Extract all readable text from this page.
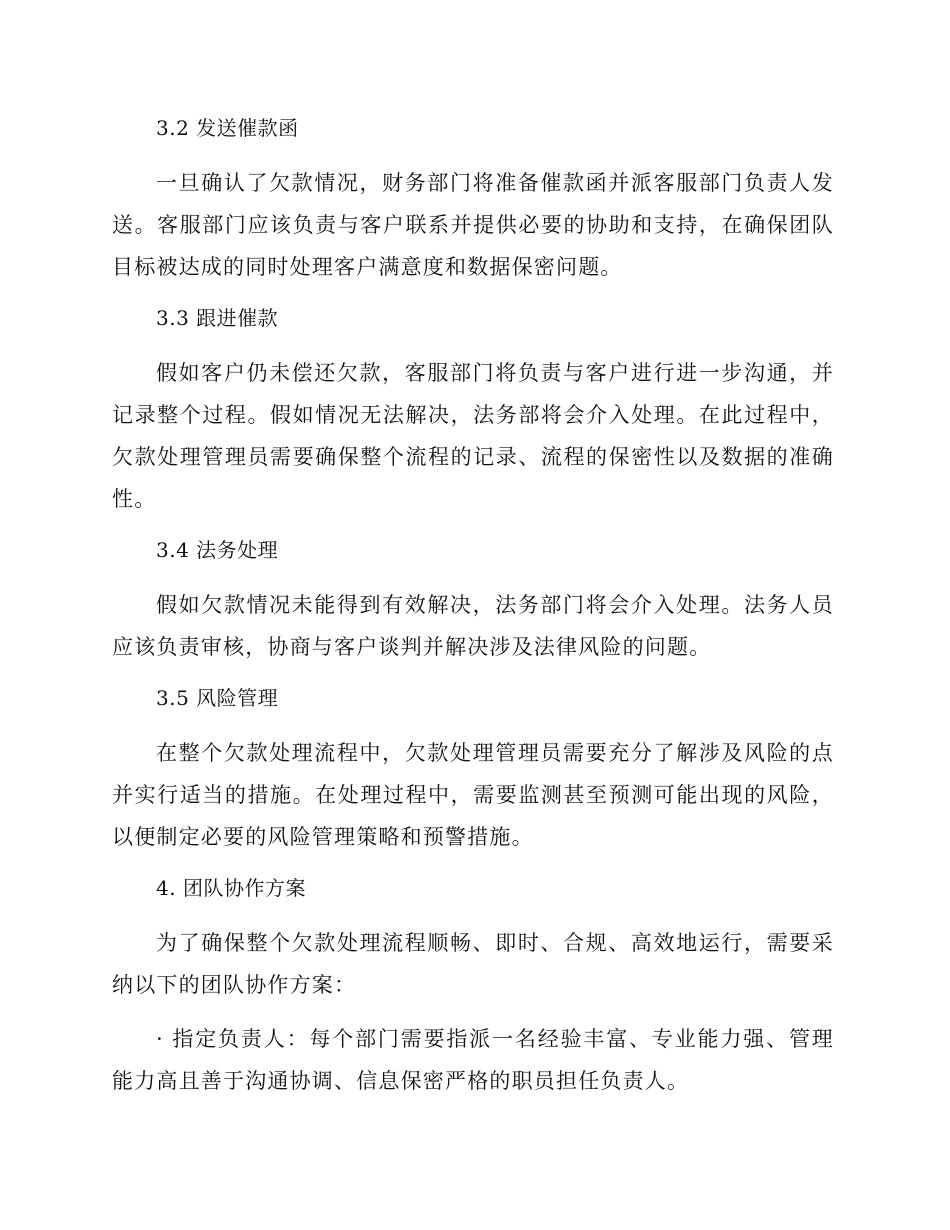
3.2 发送催款函

一旦确认了欠款情况，财务部门将准备催款函并派客服部门负责人发送。客服部门应该负责与客户联系并提供必要的协助和支持，在确保团队目标被达成的同时处理客户满意度和数据保密问题。

3.3 跟进催款

假如客户仍未偿还欠款，客服部门将负责与客户进行进一步沟通，并记录整个过程。假如情况无法解决，法务部将会介入处理。在此过程中，欠款处理管理员需要确保整个流程的记录、流程的保密性以及数据的准确性。

3.4 法务处理

假如欠款情况未能得到有效解决，法务部门将会介入处理。法务人员应该负责审核，协商与客户谈判并解决涉及法律风险的问题。

3.5 风险管理

在整个欠款处理流程中，欠款处理管理员需要充分了解涉及风险的点并实行适当的措施。在处理过程中，需要监测甚至预测可能出现的风险，以便制定必要的风险管理策略和预警措施。

4. 团队协作方案

为了确保整个欠款处理流程顺畅、即时、合规、高效地运行，需要采纳以下的团队协作方案：

· 指定负责人：每个部门需要指派一名经验丰富、专业能力强、管理能力高且善于沟通协调、信息保密严格的职员担任负责人。
